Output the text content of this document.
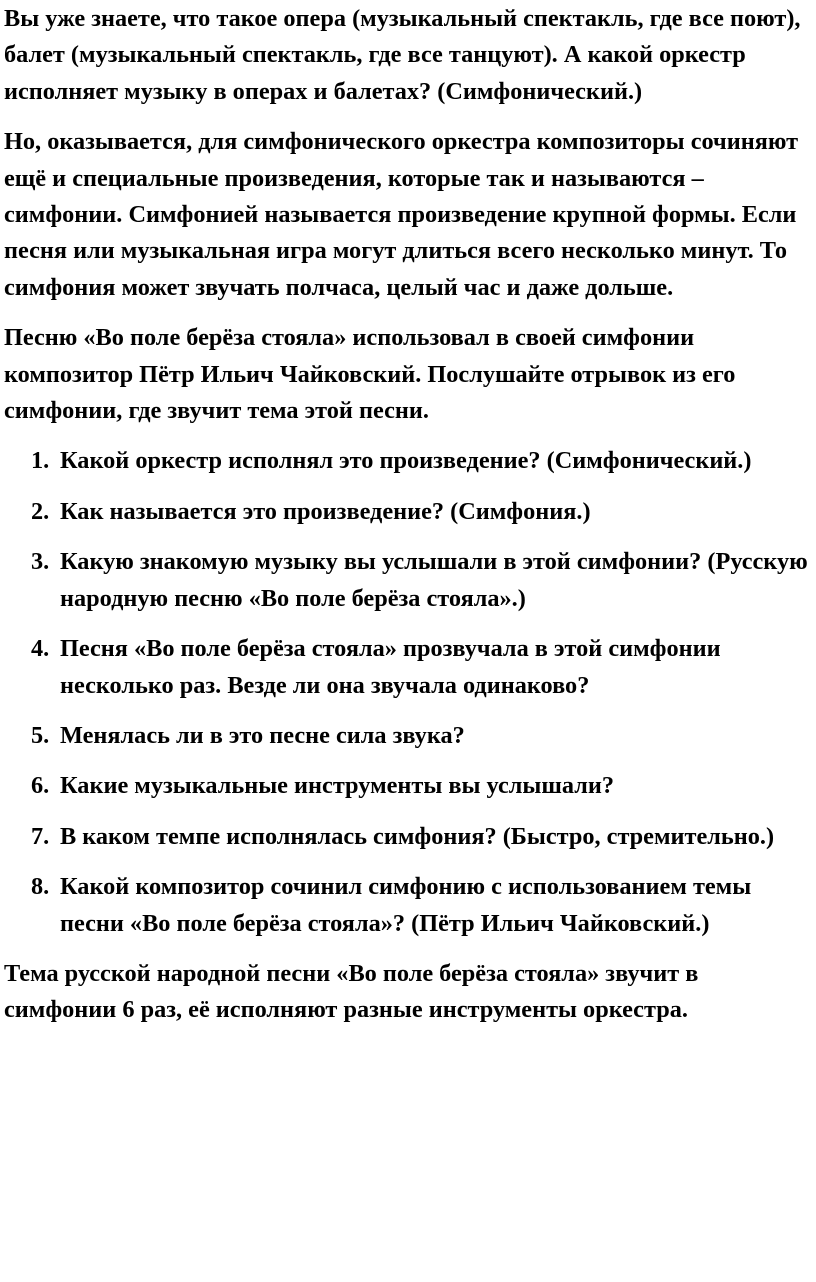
Вы уже знаете, что такое опера (музыкальный спектакль, где все поют), балет (музыкальный спектакль, где все танцуют). А какой оркестр исполняет музыку в операх и балетах? (Симфонический.)

Но, оказывается, для симфонического оркестра композиторы сочиняют ещё и специальные произведения, которые так и называются – симфонии. Симфонией называется произведение крупной формы. Если песня или музыкальная игра могут длиться всего несколько минут. То симфония может звучать полчаса, целый час и даже дольше.

Песню «Во поле берёза стояла» использовал в своей симфонии композитор Пётр Ильич Чайковский. Послушайте отрывок из его симфонии, где звучит тема этой песни.

1. Какой оркестр исполнял это произведение? (Симфонический.)
2. Как называется это произведение? (Симфония.)
3. Какую знакомую музыку вы услышали в этой симфонии? (Русскую народную песню «Во поле берёза стояла».)
4. Песня «Во поле берёза стояла» прозвучала в этой симфонии несколько раз. Везде ли она звучала одинаково?
5. Менялась ли в это песне сила звука?
6. Какие музыкальные инструменты вы услышали?
7. В каком темпе исполнялась симфония? (Быстро, стремительно.)
8. Какой композитор сочинил симфонию с использованием темы песни «Во поле берёза стояла»? (Пётр Ильич Чайковский.)

Тема русской народной песни «Во поле берёза стояла» звучит в симфонии 6 раз, её исполняют разные инструменты оркестра.
